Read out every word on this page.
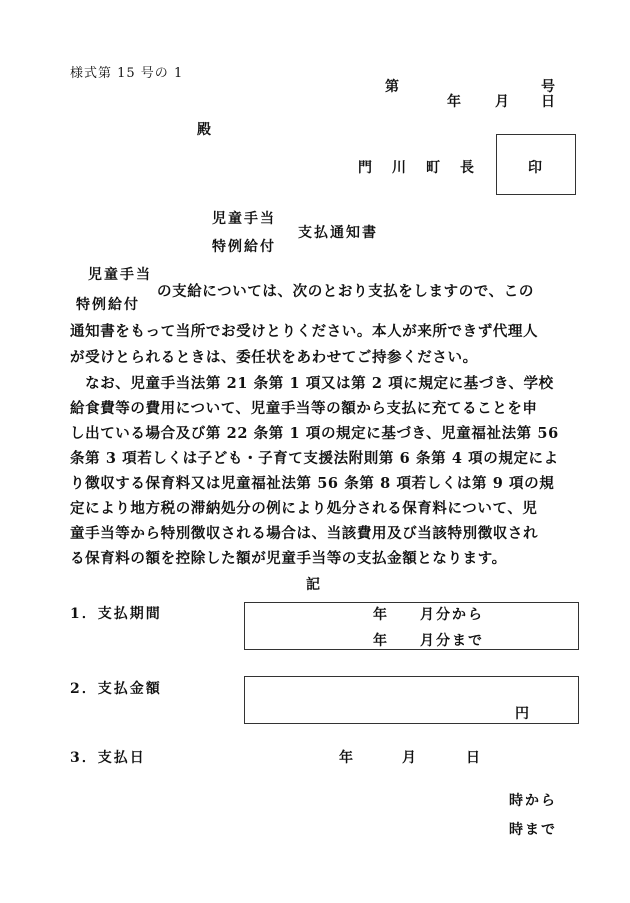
様式第 15 号の 1
第	号
年 月 日
殿
門　川　町　長	印
児童手当
支払通知書
特例給付
児童手当
の支給については、次のとおり支払をしますので、この
特例給付
通知書をもって当所でお受けとりください。本人が来所できず代理人
が受けとられるときは、委任状をあわせてご持参ください。
　なお、児童手当法第 21 条第 1 項又は第 2 項に規定に基づき、学校
給食費等の費用について、児童手当等の額から支払に充てることを申
し出ている場合及び第 22 条第 1 項の規定に基づき、児童福祉法第 56
条第 3 項若しくは子ども・子育て支援法附則第 6 条第 4 項の規定によ
り徴収する保育料又は児童福祉法第 56 条第 8 項若しくは第 9 項の規
定により地方税の滞納処分の例により処分される保育料について、児
童手当等から特別徴収される場合は、当該費用及び当該特別徴収され
る保育料の額を控除した額が児童手当等の支払金額となります。
記
1．支払期間	年 月分から
年 月分まで
2．支払金額
円
3．支払日	年	月	日
時から
時まで
